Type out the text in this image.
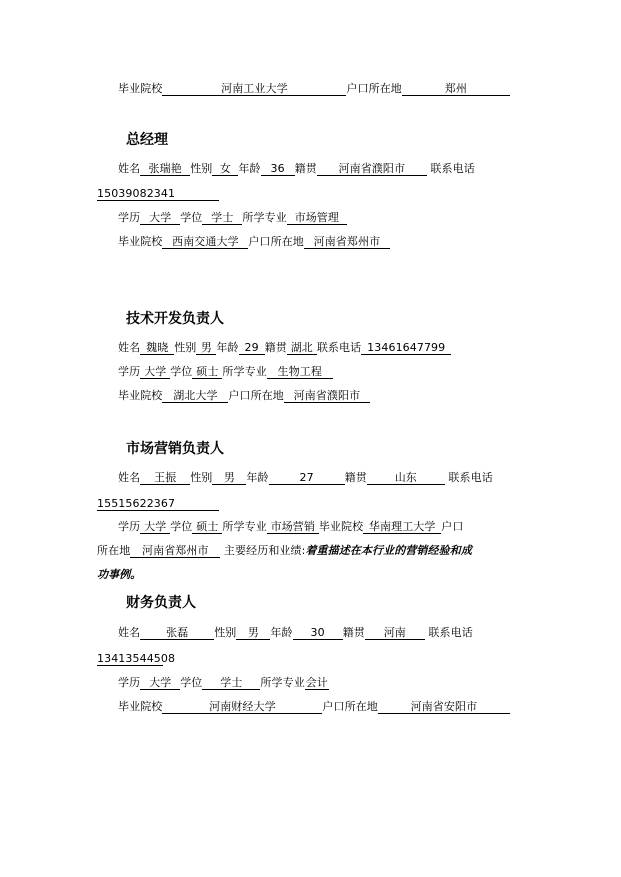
毕业院校	河南工业大学	户口所在地	郑州
总经理
姓名 张瑞艳 性别 女 年龄 36 籍贯 河南省濮阳市 联系电话
15039082341
学历 大学 学位 学士 所学专业 市场管理
毕业院校 西南交通大学 户口所在地 河南省郑州市
技术开发负责人
姓名 魏晓 性别 男 年龄 29 籍贯 湖北 联系电话 13461647799
学历 大学 学位 硕士 所学专业 生物工程
毕业院校 湖北大学 户口所在地 河南省濮阳市
市场营销负责人
姓名 王振 性别 男 年龄	27	籍贯	山东	联系电话
15515622367
学历 大学 学位 硕士 所学专业 市场营销 毕业院校 华南理工大学 户口
所在地 河南省郑州市 主要经历和业绩:着重描述在本行业的营销经验和成
功事例。
财务负责人
姓名 张磊 性别 男 年龄 30 籍贯 河南 联系电话
13413544508
学历 大学 学位 学士 所学专业会计
毕业院校	河南财经大学	户口所在地	河南省安阳市
